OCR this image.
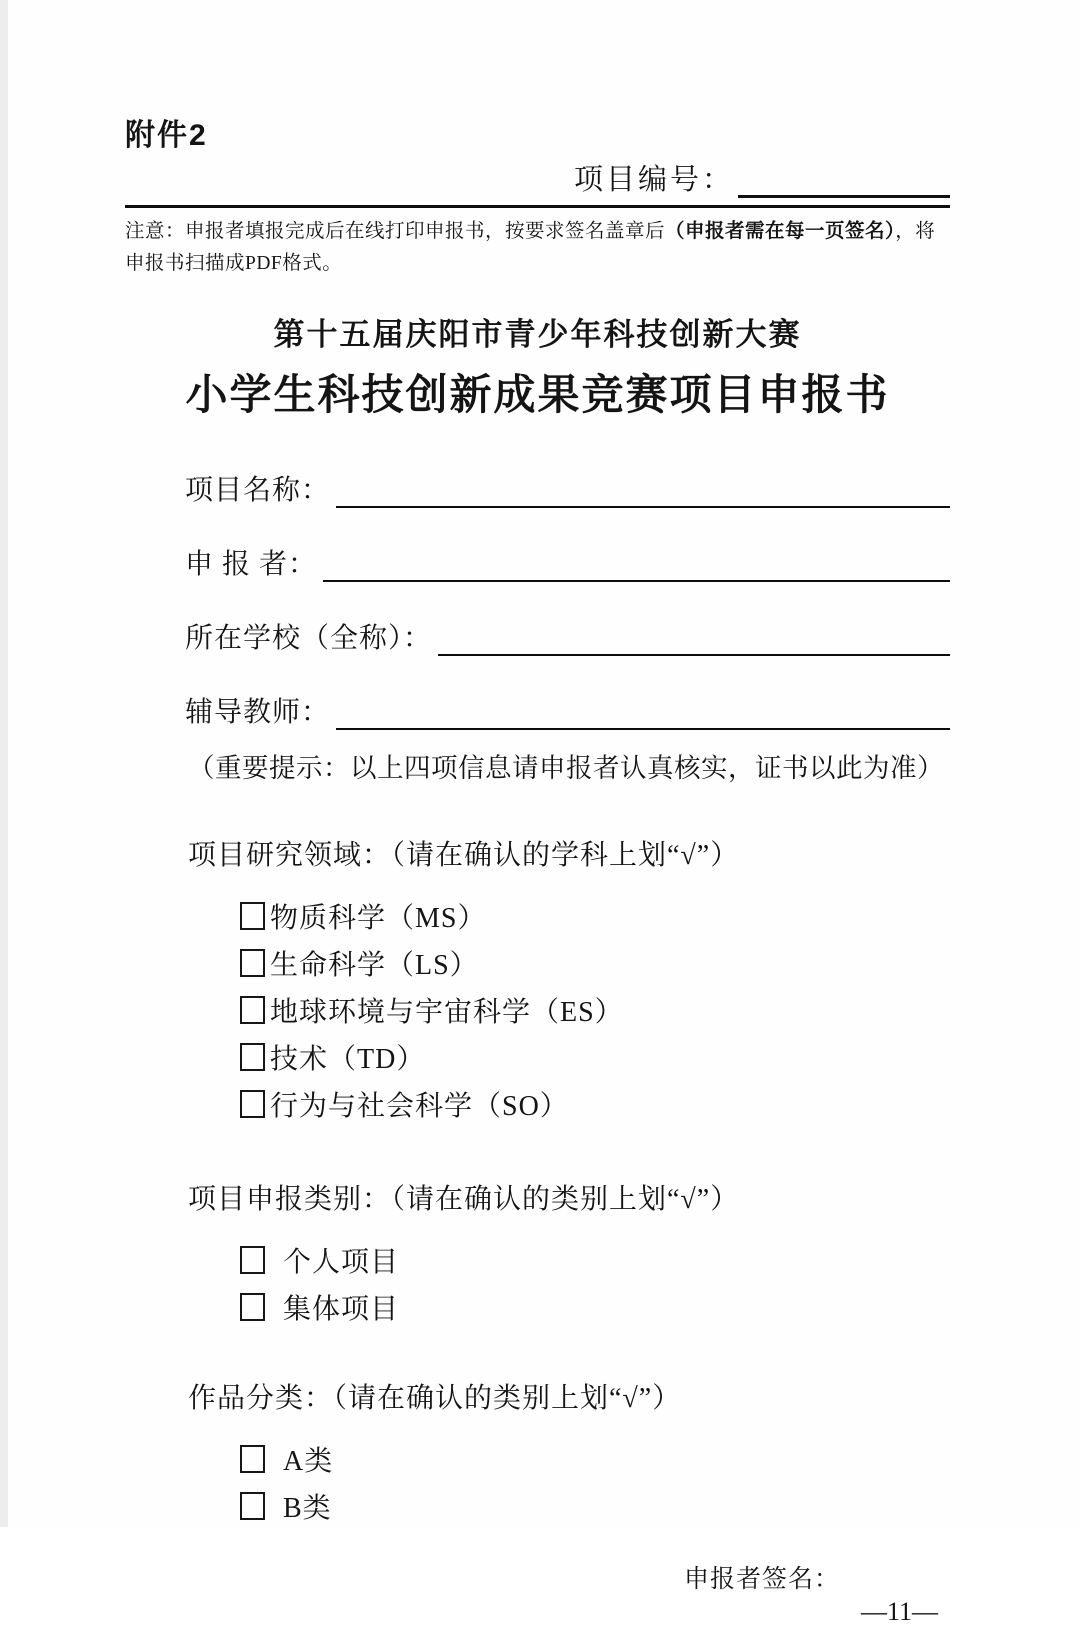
附件2
项目编号：

注意：申报者填报完成后在线打印申报书，按要求签名盖章后（申报者需在每一页签名），将申报书扫描成PDF格式。

第十五届庆阳市青少年科技创新大赛
小学生科技创新成果竞赛项目申报书
项目名称：
申 报 者：
所在学校（全称）：
辅导教师：
（重要提示：以上四项信息请申报者认真核实，证书以此为准）
项目研究领域：（请在确认的学科上划“√”）
物质科学（MS）
生命科学（LS）
地球环境与宇宙科学（ES）
技术（TD）
行为与社会科学（SO）
项目申报类别：（请在确认的类别上划“√”）
个人项目
集体项目
作品分类：（请在确认的类别上划“√”）
A类
B类
申报者签名：
—11—
